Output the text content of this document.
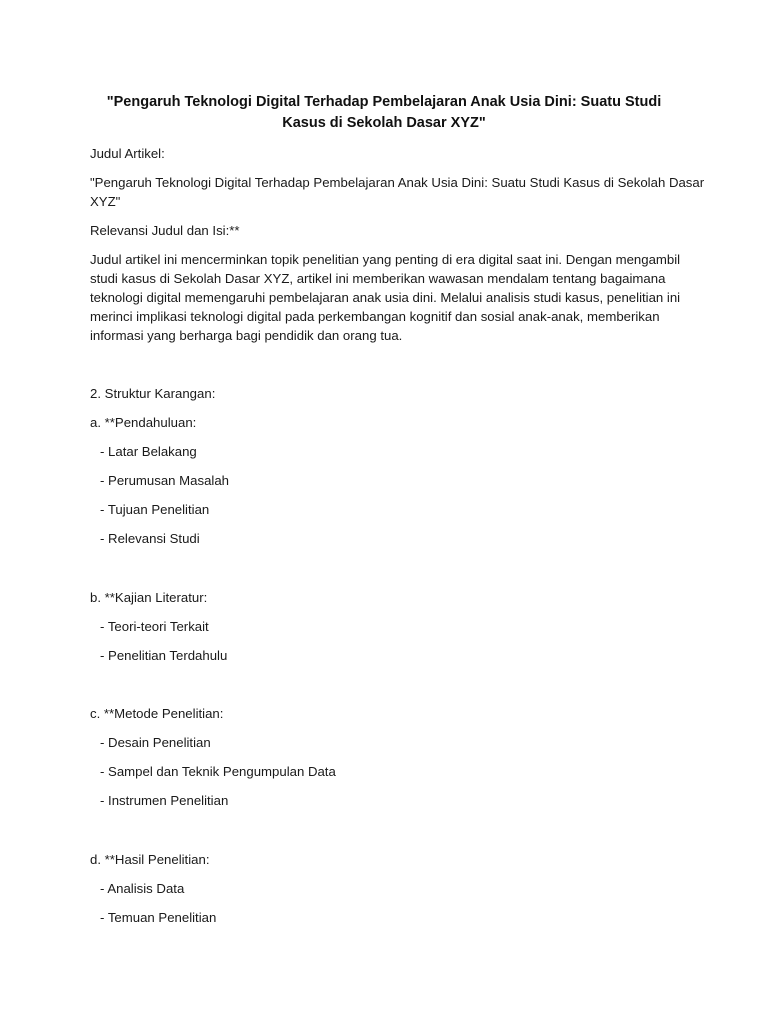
"Pengaruh Teknologi Digital Terhadap Pembelajaran Anak Usia Dini: Suatu Studi Kasus di Sekolah Dasar XYZ"
Judul Artikel:
"Pengaruh Teknologi Digital Terhadap Pembelajaran Anak Usia Dini: Suatu Studi Kasus di Sekolah Dasar
XYZ"
Relevansi Judul dan Isi:**
Judul artikel ini mencerminkan topik penelitian yang penting di era digital saat ini. Dengan mengambil
studi kasus di Sekolah Dasar XYZ, artikel ini memberikan wawasan mendalam tentang bagaimana
teknologi digital memengaruhi pembelajaran anak usia dini. Melalui analisis studi kasus, penelitian ini
merinci implikasi teknologi digital pada perkembangan kognitif dan sosial anak-anak, memberikan
informasi yang berharga bagi pendidik dan orang tua.
2. Struktur Karangan:
a. **Pendahuluan:
- Latar Belakang
- Perumusan Masalah
- Tujuan Penelitian
- Relevansi Studi
b. **Kajian Literatur:
- Teori-teori Terkait
- Penelitian Terdahulu
c. **Metode Penelitian:
- Desain Penelitian
- Sampel dan Teknik Pengumpulan Data
- Instrumen Penelitian
d. **Hasil Penelitian:
- Analisis Data
- Temuan Penelitian
